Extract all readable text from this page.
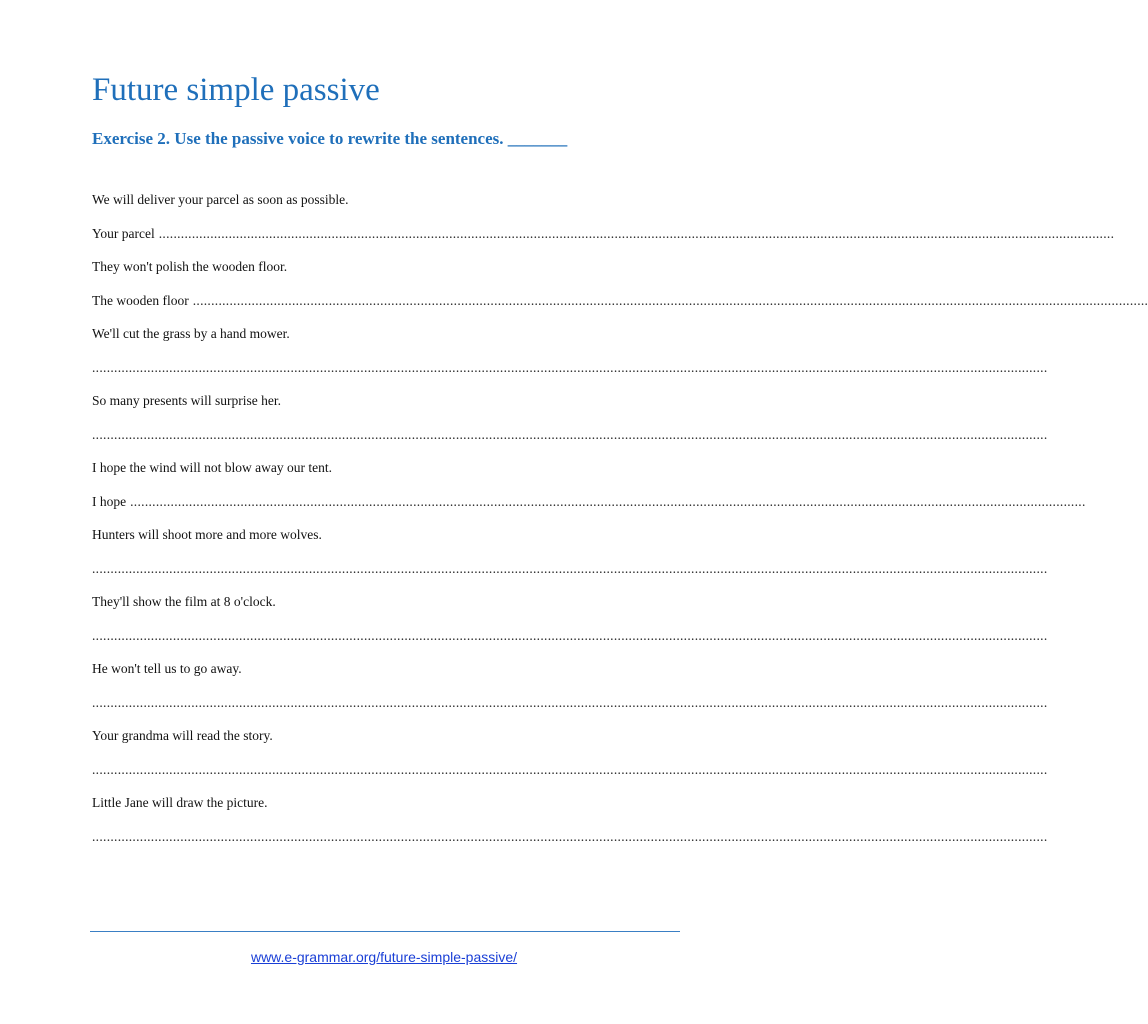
Future simple passive
Exercise 2. Use the passive voice to rewrite the sentences. _______
We will deliver your parcel as soon as possible.
Your parcel ....................................................................................................................................................................................................................................................................
They won't polish the wooden floor.
The wooden floor ....................................................................................................................................................................................................................................................................
We'll cut the grass by a hand mower.
....................................................................................................................................................................................................................................................................
So many presents will surprise her.
....................................................................................................................................................................................................................................................................
I hope the wind will not blow away our tent.
I hope ....................................................................................................................................................................................................................................................................
Hunters will shoot more and more wolves.
....................................................................................................................................................................................................................................................................
They'll show the film at 8 o'clock.
....................................................................................................................................................................................................................................................................
He won't tell us to go away.
....................................................................................................................................................................................................................................................................
Your grandma will read the story.
....................................................................................................................................................................................................................................................................
Little Jane will draw the picture.
....................................................................................................................................................................................................................................................................
www.e-grammar.org/future-simple-passive/
